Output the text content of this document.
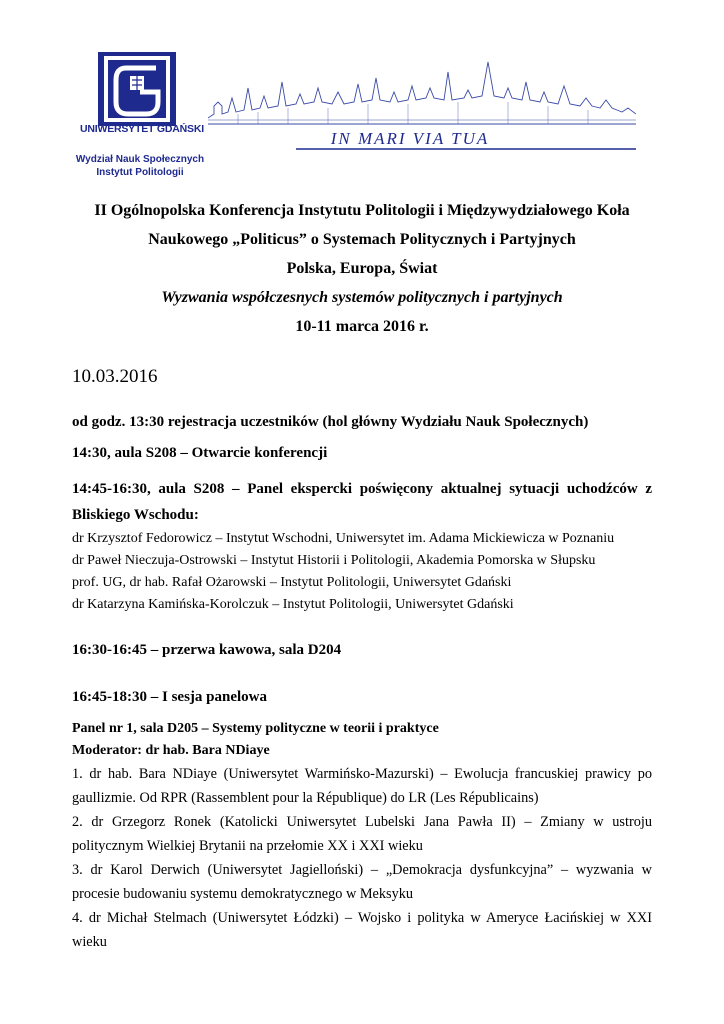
UNIWERSYTET GDAŃSKI
Wydział Nauk Społecznych
Instytut Politologii
IN MARI VIA TUA
II Ogólnopolska Konferencja Instytutu Politologii i Międzywydziałowego Koła
Naukowego „Politicus” o Systemach Politycznych i Partyjnych
Polska, Europa, Świat
Wyzwania współczesnych systemów politycznych i partyjnych
10-11 marca 2016 r.
10.03.2016

od godz. 13:30 rejestracja uczestników (hol główny Wydziału Nauk Społecznych)

14:30, aula S208 – Otwarcie konferencji

14:45-16:30, aula S208 – Panel ekspercki poświęcony aktualnej sytuacji uchodźców z Bliskiego Wschodu:

dr Krzysztof Fedorowicz – Instytut Wschodni, Uniwersytet im. Adama Mickiewicza w Poznaniu

dr Paweł Nieczuja-Ostrowski – Instytut Historii i Politologii, Akademia Pomorska w Słupsku

prof. UG, dr hab. Rafał Ożarowski – Instytut Politologii, Uniwersytet Gdański

dr Katarzyna Kamińska-Korolczuk – Instytut Politologii, Uniwersytet Gdański

16:30-16:45 – przerwa kawowa, sala D204

16:45-18:30 – I sesja panelowa

Panel nr 1, sala D205 – Systemy polityczne w teorii i praktyce

Moderator: dr hab. Bara NDiaye

1. dr hab. Bara NDiaye (Uniwersytet Warmińsko-Mazurski) – Ewolucja francuskiej prawicy po gaullizmie. Od RPR (Rassemblent pour la République) do LR (Les Républicains)

2. dr Grzegorz Ronek (Katolicki Uniwersytet Lubelski Jana Pawła II) – Zmiany w ustroju politycznym Wielkiej Brytanii na przełomie XX i XXI wieku

3. dr Karol Derwich (Uniwersytet Jagielloński) – „Demokracja dysfunkcyjna” – wyzwania w procesie budowaniu systemu demokratycznego w Meksyku

4. dr Michał Stelmach (Uniwersytet Łódzki) – Wojsko i polityka w Ameryce Łacińskiej w XXI wieku
